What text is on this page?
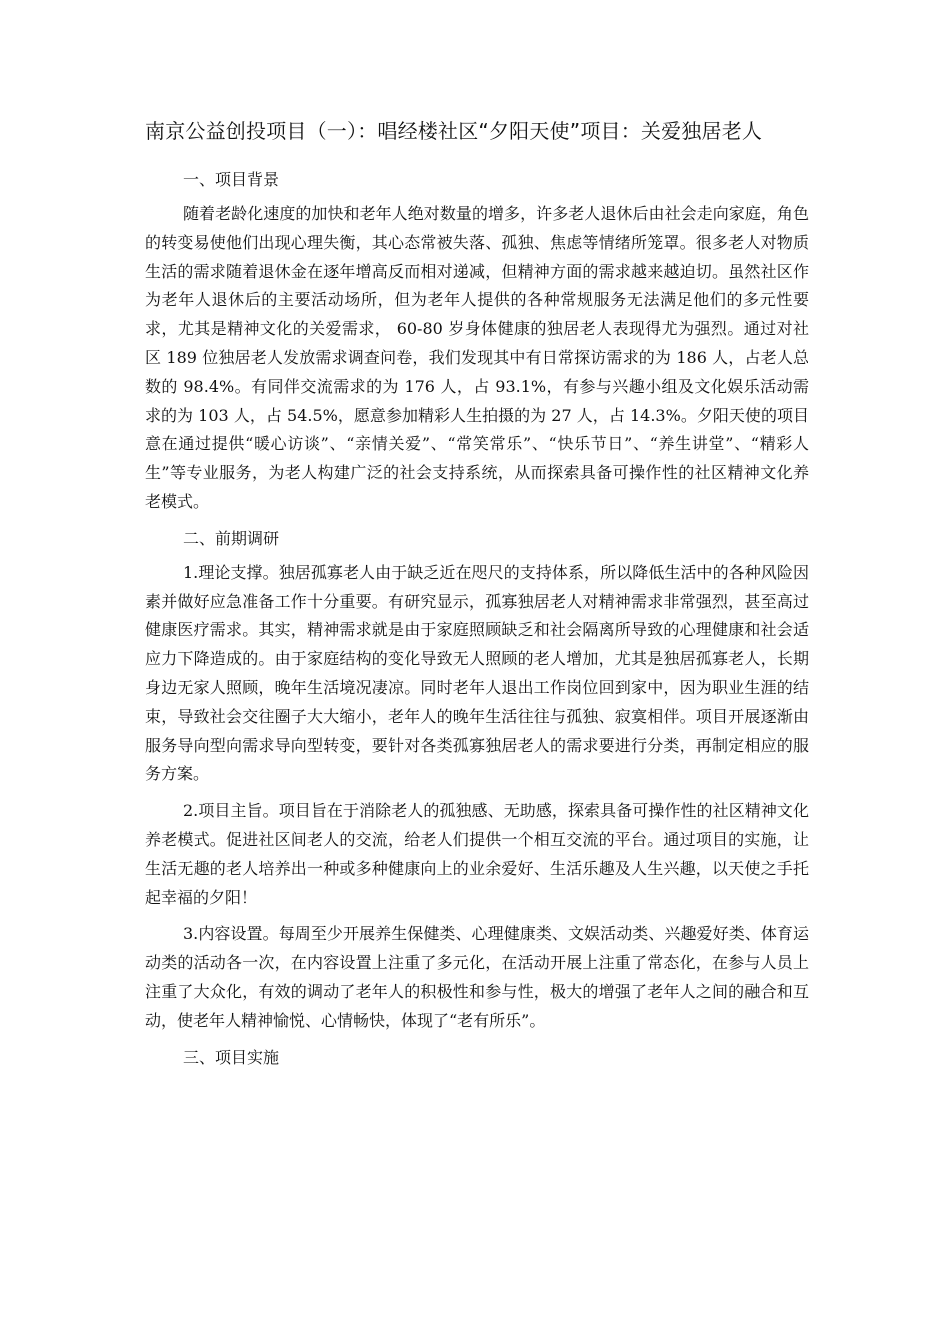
南京公益创投项目（一）：唱经楼社区“夕阳天使”项目：关爱独居老人
一、项目背景

随着老龄化速度的加快和老年人绝对数量的增多，许多老人退休后由社会走向家庭，角色的转变易使他们出现心理失衡，其心态常被失落、孤独、焦虑等情绪所笼罩。很多老人对物质生活的需求随着退休金在逐年增高反而相对递减，但精神方面的需求越来越迫切。虽然社区作为老年人退休后的主要活动场所，但为老年人提供的各种常规服务无法满足他们的多元性要求，尤其是精神文化的关爱需求， 60-80 岁身体健康的独居老人表现得尤为强烈。通过对社区 189 位独居老人发放需求调查问卷，我们发现其中有日常探访需求的为 186 人，占老人总数的 98.4%。有同伴交流需求的为 176 人，占 93.1%，有参与兴趣小组及文化娱乐活动需求的为 103 人，占 54.5%，愿意参加精彩人生拍摄的为 27 人，占 14.3%。夕阳天使的项目意在通过提供“暖心访谈”、“亲情关爱”、“常笑常乐”、“快乐节日”、“养生讲堂”、“精彩人生”等专业服务，为老人构建广泛的社会支持系统，从而探索具备可操作性的社区精神文化养老模式。

二、前期调研

1.理论支撑。独居孤寡老人由于缺乏近在咫尺的支持体系，所以降低生活中的各种风险因素并做好应急准备工作十分重要。有研究显示，孤寡独居老人对精神需求非常强烈，甚至高过健康医疗需求。其实，精神需求就是由于家庭照顾缺乏和社会隔离所导致的心理健康和社会适应力下降造成的。由于家庭结构的变化导致无人照顾的老人增加，尤其是独居孤寡老人，长期身边无家人照顾，晚年生活境况凄凉。同时老年人退出工作岗位回到家中，因为职业生涯的结束，导致社会交往圈子大大缩小，老年人的晚年生活往往与孤独、寂寞相伴。项目开展逐渐由服务导向型向需求导向型转变，要针对各类孤寡独居老人的需求要进行分类，再制定相应的服务方案。

2.项目主旨。项目旨在于消除老人的孤独感、无助感，探索具备可操作性的社区精神文化养老模式。促进社区间老人的交流，给老人们提供一个相互交流的平台。通过项目的实施，让生活无趣的老人培养出一种或多种健康向上的业余爱好、生活乐趣及人生兴趣，以天使之手托起幸福的夕阳！

3.内容设置。每周至少开展养生保健类、心理健康类、文娱活动类、兴趣爱好类、体育运动类的活动各一次，在内容设置上注重了多元化，在活动开展上注重了常态化，在参与人员上注重了大众化，有效的调动了老年人的积极性和参与性，极大的增强了老年人之间的融合和互动，使老年人精神愉悦、心情畅快，体现了“老有所乐”。

三、项目实施
